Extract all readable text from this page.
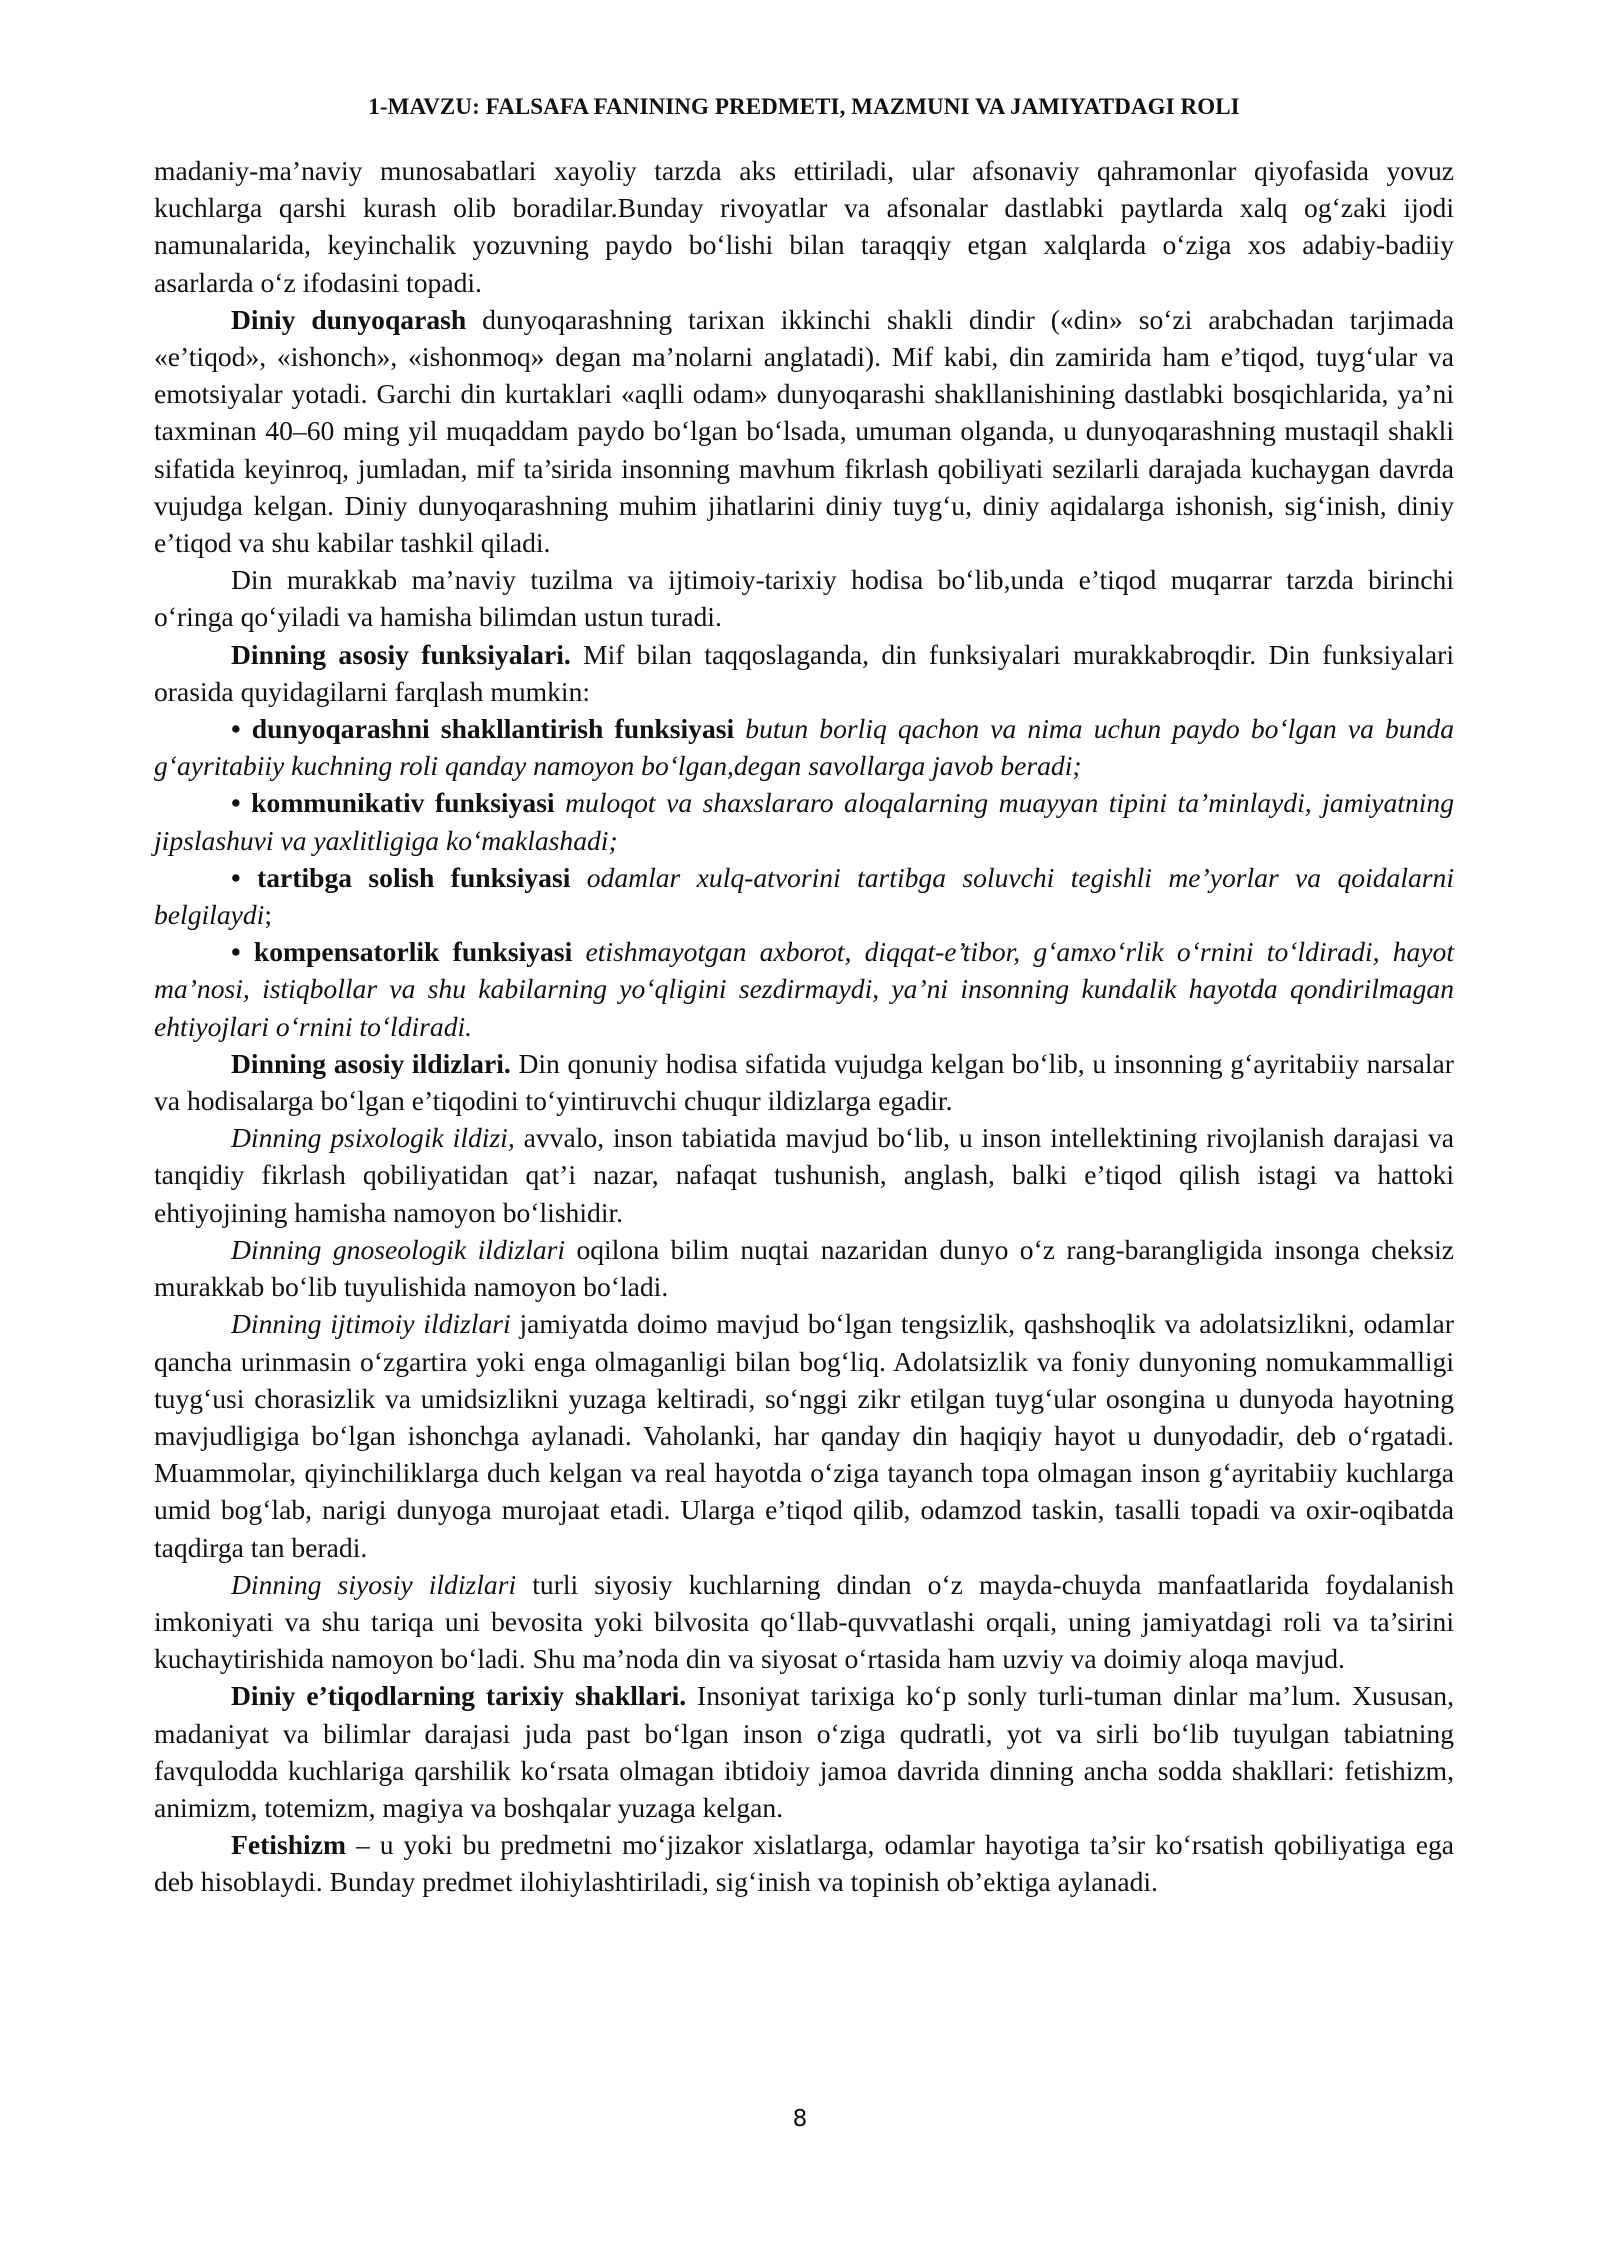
1-MAVZU: FALSAFA FANINING PREDMETI, MAZMUNI VA JAMIYATDAGI ROLI

madaniy-ma’naviy munosabatlari xayoliy tarzda aks ettiriladi, ular afsonaviy qahramonlar qiyofasida yovuz kuchlarga qarshi kurash olib boradilar.Bunday rivoyatlar va afsonalar dastlabki paytlarda xalq og‘zaki ijodi namunalarida, keyinchalik yozuvning paydo bo‘lishi bilan taraqqiy etgan xalqlarda o‘ziga xos adabiy-badiiy asarlarda o‘z ifodasini topadi.

Diniy dunyoqarash dunyoqarashning tarixan ikkinchi shakli dindir («din» so‘zi arabchadan tarjimada «e’tiqod», «ishonch», «ishonmoq» degan ma’nolarni anglatadi). Mif kabi, din zamirida ham e’tiqod, tuyg‘ular va emotsiyalar yotadi. Garchi din kurtaklari «aqlli odam» dunyoqarashi shakllanishining dastlabki bosqichlarida, ya’ni taxminan 40–60 ming yil muqaddam paydo bo‘lgan bo‘lsada, umuman olganda, u dunyoqarashning mustaqil shakli sifatida keyinroq, jumladan, mif ta’sirida insonning mavhum fikrlash qobiliyati sezilarli darajada kuchaygan davrda vujudga kelgan. Diniy dunyoqarashning muhim jihatlarini diniy tuyg‘u, diniy aqidalarga ishonish, sig‘inish, diniy e’tiqod va shu kabilar tashkil qiladi.

Din murakkab ma’naviy tuzilma va ijtimoiy-tarixiy hodisa bo‘lib,unda e’tiqod muqarrar tarzda birinchi o‘ringa qo‘yiladi va hamisha bilimdan ustun turadi.

Dinning asosiy funksiyalari. Mif bilan taqqoslaganda, din funksiyalari murakkabroqdir. Din funksiyalari orasida quyidagilarni farqlash mumkin:

• dunyoqarashni shakllantirish funksiyasi butun borliq qachon va nima uchun paydo bo‘lgan va bunda g‘ayritabiiy kuchning roli qanday namoyon bo‘lgan,degan savollarga javob beradi;

• kommunikativ funksiyasi muloqot va shaxslararo aloqalarning muayyan tipini ta’minlaydi, jamiyatning jipslashuvi va yaxlitligiga ko‘maklashadi;

• tartibga solish funksiyasi odamlar xulq-atvorini tartibga soluvchi tegishli me’yorlar va qoidalarni belgilaydi;

• kompensatorlik funksiyasi etishmayotgan axborot, diqqat-e’tibor, g‘amxo‘rlik o‘rnini to‘ldiradi, hayot ma’nosi, istiqbollar va shu kabilarning yo‘qligini sezdirmaydi, ya’ni insonning kundalik hayotda qondirilmagan ehtiyojlari o‘rnini to‘ldiradi.

Dinning asosiy ildizlari. Din qonuniy hodisa sifatida vujudga kelgan bo‘lib, u insonning g‘ayritabiiy narsalar va hodisalarga bo‘lgan e’tiqodini to‘yintiruvchi chuqur ildizlarga egadir.

Dinning psixologik ildizi, avvalo, inson tabiatida mavjud bo‘lib, u inson intellektining rivojlanish darajasi va tanqidiy fikrlash qobiliyatidan qat’i nazar, nafaqat tushunish, anglash, balki e’tiqod qilish istagi va hattoki ehtiyojining hamisha namoyon bo‘lishidir.

Dinning gnoseologik ildizlari oqilona bilim nuqtai nazaridan dunyo o‘z rang-barangligida insonga cheksiz murakkab bo‘lib tuyulishida namoyon bo‘ladi.

Dinning ijtimoiy ildizlari jamiyatda doimo mavjud bo‘lgan tengsizlik, qashshoqlik va adolatsizlikni, odamlar qancha urinmasin o‘zgartira yoki enga olmaganligi bilan bog‘liq. Adolatsizlik va foniy dunyoning nomukammalligi tuyg‘usi chorasizlik va umidsizlikni yuzaga keltiradi, so‘nggi zikr etilgan tuyg‘ular osongina u dunyoda hayotning mavjudligiga bo‘lgan ishonchga aylanadi. Vaholanki, har qanday din haqiqiy hayot u dunyodadir, deb o‘rgatadi. Muammolar, qiyinchiliklarga duch kelgan va real hayotda o‘ziga tayanch topa olmagan inson g‘ayritabiiy kuchlarga umid bog‘lab, narigi dunyoga murojaat etadi. Ularga e’tiqod qilib, odamzod taskin, tasalli topadi va oxir-oqibatda taqdirga tan beradi.

Dinning siyosiy ildizlari turli siyosiy kuchlarning dindan o‘z mayda-chuyda manfaatlarida foydalanish imkoniyati va shu tariqa uni bevosita yoki bilvosita qo‘llab-quvvatlashi orqali, uning jamiyatdagi roli va ta’sirini kuchaytirishida namoyon bo‘ladi. Shu ma’noda din va siyosat o‘rtasida ham uzviy va doimiy aloqa mavjud.

Diniy e’tiqodlarning tarixiy shakllari. Insoniyat tarixiga ko‘p sonly turli-tuman dinlar ma’lum. Xususan, madaniyat va bilimlar darajasi juda past bo‘lgan inson o‘ziga qudratli, yot va sirli bo‘lib tuyulgan tabiatning favqulodda kuchlariga qarshilik ko‘rsata olmagan ibtidoiy jamoa davrida dinning ancha sodda shakllari: fetishizm, animizm, totemizm, magiya va boshqalar yuzaga kelgan.

Fetishizm – u yoki bu predmetni mo‘jizakor xislatlarga, odamlar hayotiga ta’sir ko‘rsatish qobiliyatiga ega deb hisoblaydi. Bunday predmet ilohiylashtiriladi, sig‘inish va topinish ob’ektiga aylanadi.

8
